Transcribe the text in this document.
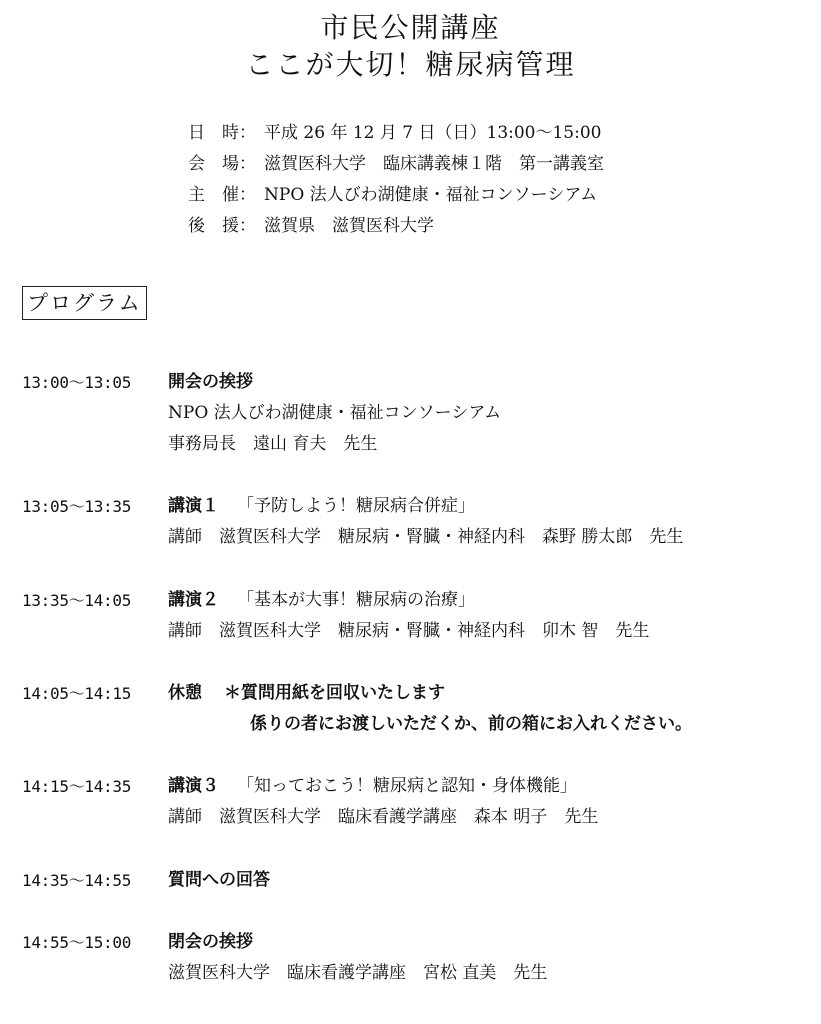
市民公開講座
ここが大切！糖尿病管理
日　時： 平成 26 年 12 月 7 日（日）13:00～15:00
会　場： 滋賀医科大学　臨床講義棟１階　第一講義室
主　催： NPO 法人びわ湖健康・福祉コンソーシアム
後　援： 滋賀県　滋賀医科大学
プログラム
13:00～13:05	開会の挨拶
NPO 法人びわ湖健康・福祉コンソーシアム
事務局長　遠山 育夫　先生
13:05～13:35	講演１ 「予防しよう！糖尿病合併症」
講師　滋賀医科大学　糖尿病・腎臓・神経内科　森野 勝太郎　先生
13:35～14:05	講演２ 「基本が大事！糖尿病の治療」
講師　滋賀医科大学　糖尿病・腎臓・神経内科　卯木 智　先生
14:05～14:15	休憩 ＊質問用紙を回収いたします
係りの者にお渡しいただくか、前の箱にお入れください。
14:15～14:35	講演３ 「知っておこう！糖尿病と認知・身体機能」
講師　滋賀医科大学　臨床看護学講座　森本 明子　先生
14:35～14:55	質問への回答
14:55～15:00	閉会の挨拶
滋賀医科大学　臨床看護学講座　宮松 直美　先生
